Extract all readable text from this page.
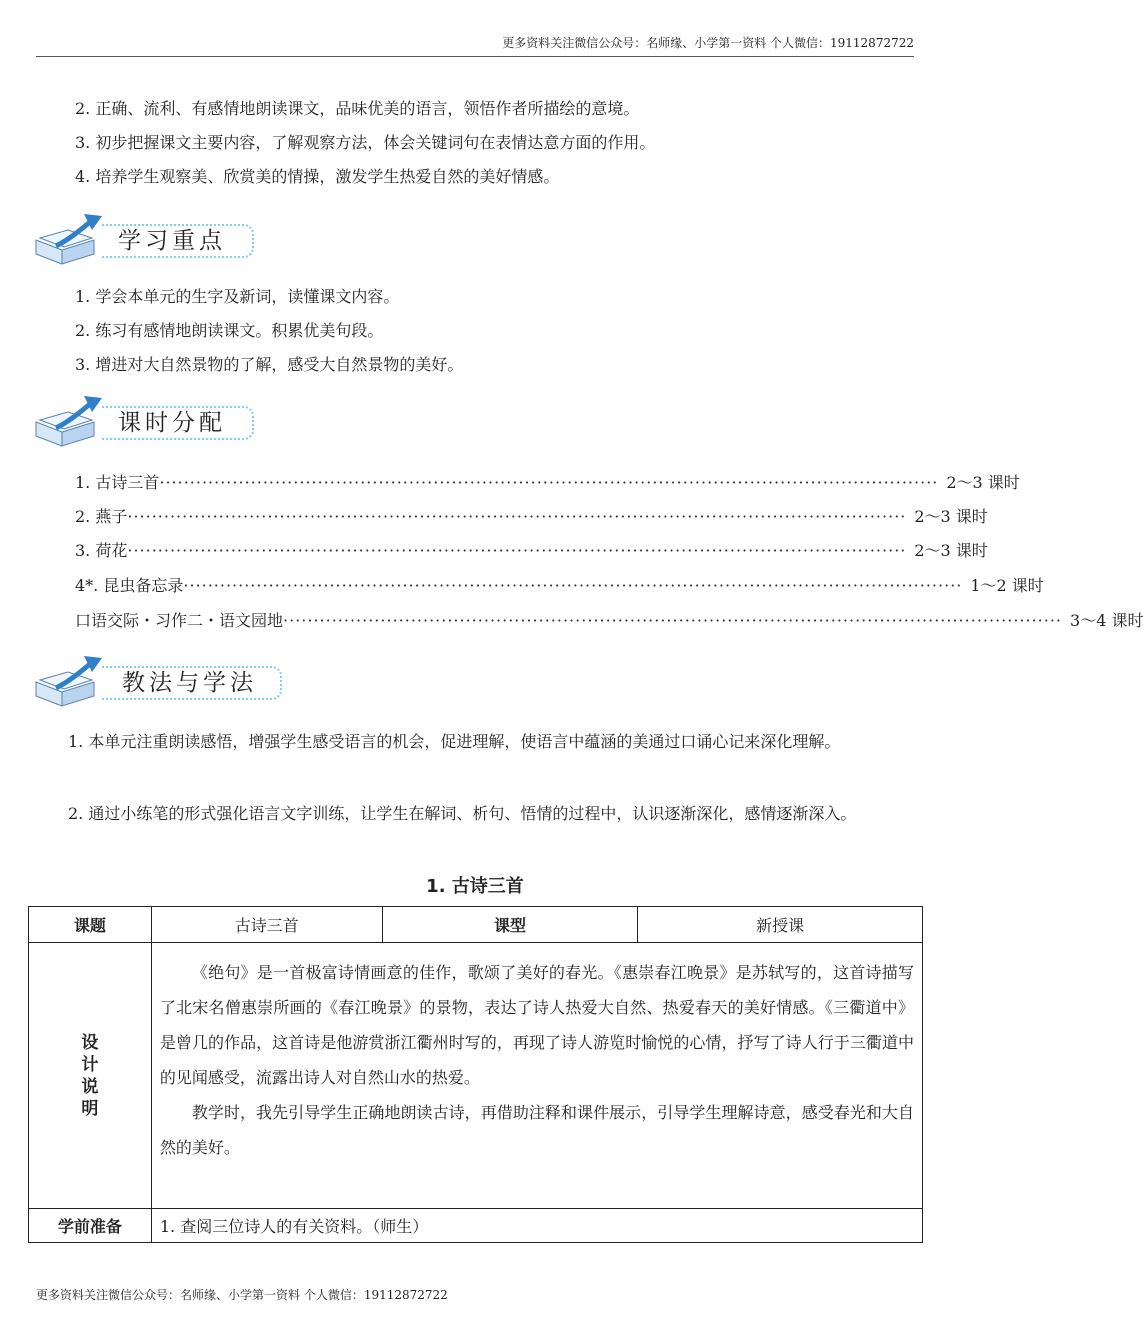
更多资料关注微信公众号：名师缘、小学第一资料 个人微信：19112872722
2. 正确、流利、有感情地朗读课文，品味优美的语言，领悟作者所描绘的意境。
3. 初步把握课文主要内容，了解观察方法，体会关键词句在表情达意方面的作用。
4. 培养学生观察美、欣赏美的情操，激发学生热爱自然的美好情感。
学习重点
1. 学会本单元的生字及新词，读懂课文内容。
2. 练习有感情地朗读课文。积累优美句段。
3. 增进对大自然景物的了解，感受大自然景物的美好。
课时分配
1. 古诗三首 ································································································································ 2～3 课时
2. 燕子 ································································································································ 2～3 课时
3. 荷花 ································································································································ 2～3 课时
4*. 昆虫备忘录 ································································································································ 1～2 课时
口语交际・习作二・语文园地 ································································································································ 3～4 课时
教法与学法
1. 本单元注重朗读感悟，增强学生感受语言的机会，促进理解，使语言中蕴涵的美通过口诵心记来深化理解。
2. 通过小练笔的形式强化语言文字训练，让学生在解词、析句、悟情的过程中，认识逐渐深化，感情逐渐深入。
1. 古诗三首
课题	古诗三首	课型	新授课

设计说明	《绝句》是一首极富诗情画意的佳作，歌颂了美好的春光。《惠崇春江晚景》是苏轼写的，这首诗描写了北宋名僧惠崇所画的《春江晚景》的景物，表达了诗人热爱大自然、热爱春天的美好情感。《三衢道中》是曾几的作品，这首诗是他游赏浙江衢州时写的，再现了诗人游览时愉悦的心情，抒写了诗人行于三衢道中的见闻感受，流露出诗人对自然山水的热爱。

教学时，我先引导学生正确地朗读古诗，再借助注释和课件展示，引导学生理解诗意，感受春光和大自然的美好。		

学前准备	1. 查阅三位诗人的有关资料。（师生）		
更多资料关注微信公众号：名师缘、小学第一资料 个人微信：19112872722
